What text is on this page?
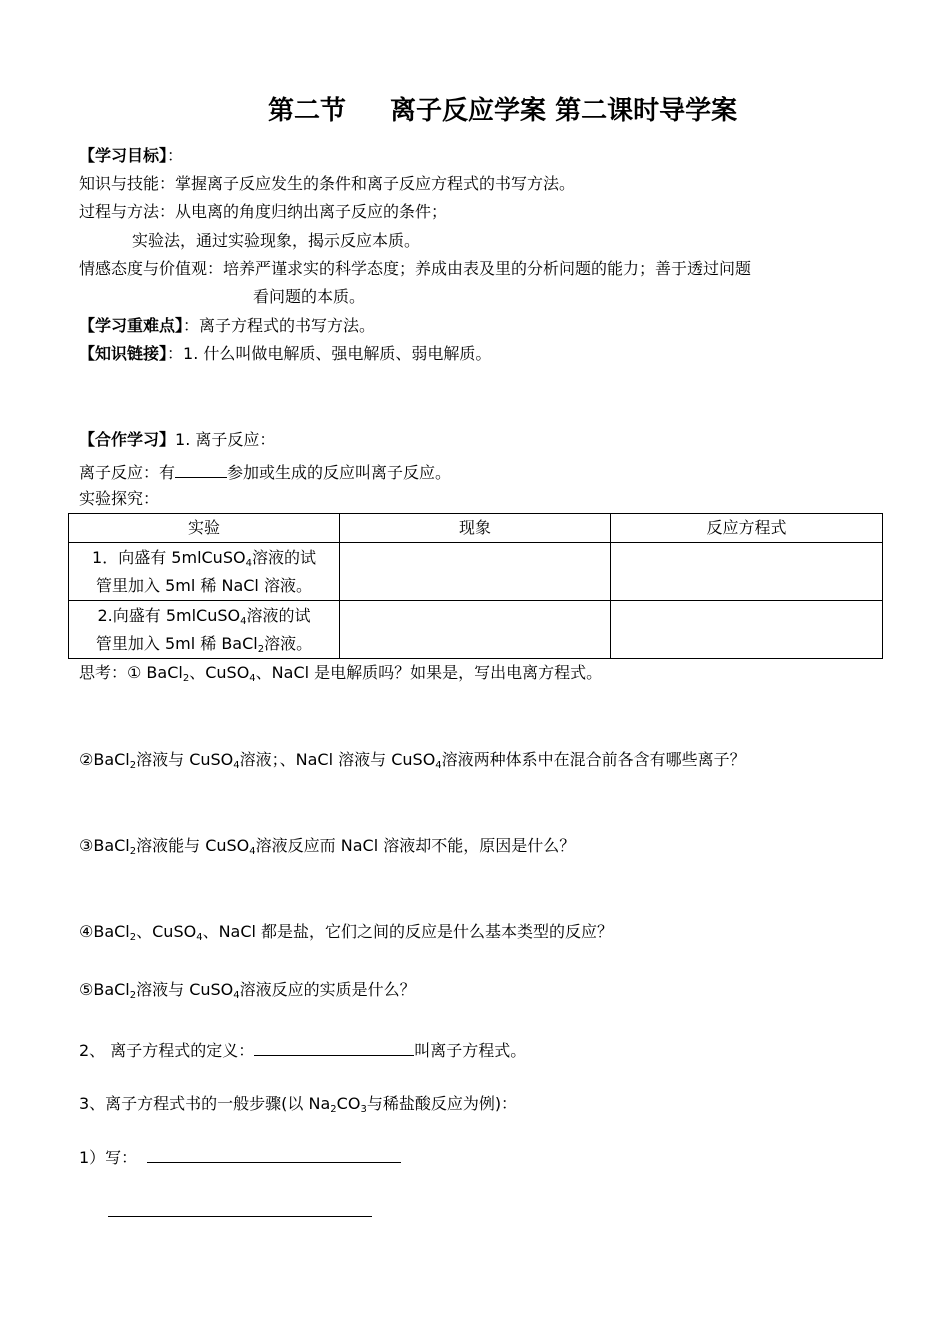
第二节 离子反应学案 第二课时导学案
【学习目标】：
知识与技能：掌握离子反应发生的条件和离子反应方程式的书写方法。
过程与方法：从电离的角度归纳出离子反应的条件；
实验法，通过实验现象，揭示反应本质。
情感态度与价值观：培养严谨求实的科学态度；养成由表及里的分析问题的能力；善于透过问题
看问题的本质。
【学习重难点】：离子方程式的书写方法。
【知识链接】：1. 什么叫做电解质、强电解质、弱电解质。
【合作学习】1. 离子反应：
离子反应：有	参加或生成的反应叫离子反应。
实验探究：
实验	现象	反应方程式
1．向盛有 5mlCuSO$_4$溶液的试
管里加入 5ml 稀 NaCl 溶液。		
2.向盛有 5mlCuSO$_4$溶液的试
管里加入 5ml 稀 BaCl$_2$溶液。		
思考：① BaCl$_2$、CuSO$_4$、NaCl 是电解质吗？如果是，写出电离方程式。
②BaCl$_2$溶液与 CuSO$_4$溶液；、NaCl 溶液与 CuSO$_4$溶液两种体系中在混合前各含有哪些离子？
③BaCl$_2$溶液能与 CuSO$_4$溶液反应而 NaCl 溶液却不能，原因是什么？
④BaCl$_2$、CuSO$_4$、NaCl 都是盐，它们之间的反应是什么基本类型的反应？
⑤BaCl$_2$溶液与 CuSO$_4$溶液反应的实质是什么？
2、 离子方程式的定义：	叫离子方程式。
3、离子方程式书的一般步骤(以 $Na_2CO_3$与稀盐酸反应为例)：
1）写：
